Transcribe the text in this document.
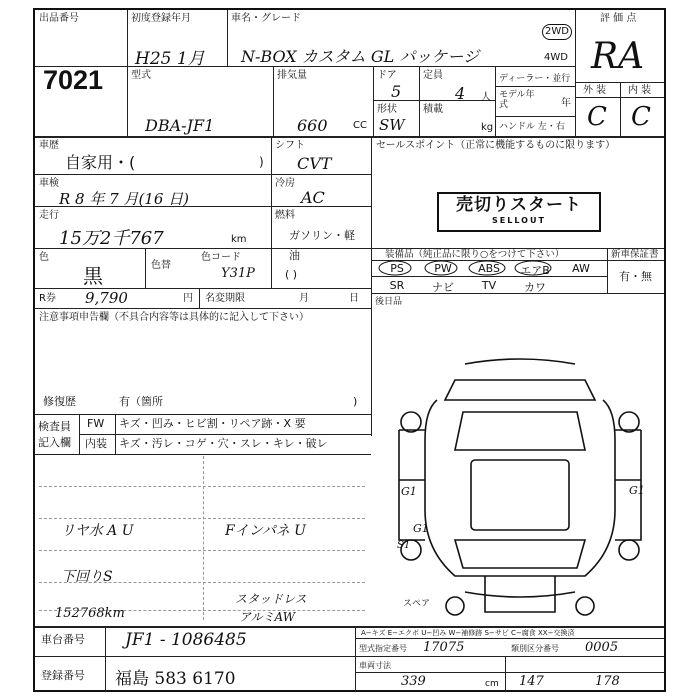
出品番号
7021
初度登録年月
H25 1月
車名・グレード
N-BOX カスタム GL パッケージ
2WD
4WD
評 価 点
RA
型式
DBA-JF1
排気量
660	CC
ドア
5
定員
4 人
形状
SW
積載
kg
ディーラー・並行
モデル年式	年
ハンドル 左・右
外 装 内 装
C C
車歴
自家用・(	)
シフト
CVT
車検
R 8 年 7 月(16 日)
冷房
AC
走行
15万2千767	km
燃料
ガソリン・軽 油
( )
色
黒	色替
色コード
Y31P
R券 9,790	円 名変期限	月	日
セールスポイント（正常に機能するものに限ります）
売切りスタート
SELLOUT
装備品（純正品に限り○をつけて下さい）	新車保証書
有・無
PS	PW	ABS	エアB	AW
SR	ナビ	TV	カワ
後日品
注意事項申告欄（不具合内容等は具体的に記入して下さい）
修復歴	有（箇所	)
検査員
記入欄
FW キズ・凹み・ヒビ割・リペア跡・X 要
内装 キズ・汚レ・コゲ・穴・スレ・キレ・破レ
リヤ水 A U	Fインパネ U
下回りS
スタッドレス
152768km	アルミAW
G1
G1
G1
S1
スペア
車台番号 JF1 - 1086485
登録番号 福島 583 6170
A−キズ E−エクボ U−凹み W−補修跡 S−サビ C−腐食 XX−交換済
型式指定番号 17075	類別区分番号 0005
車両寸法
339	cm 147	178
